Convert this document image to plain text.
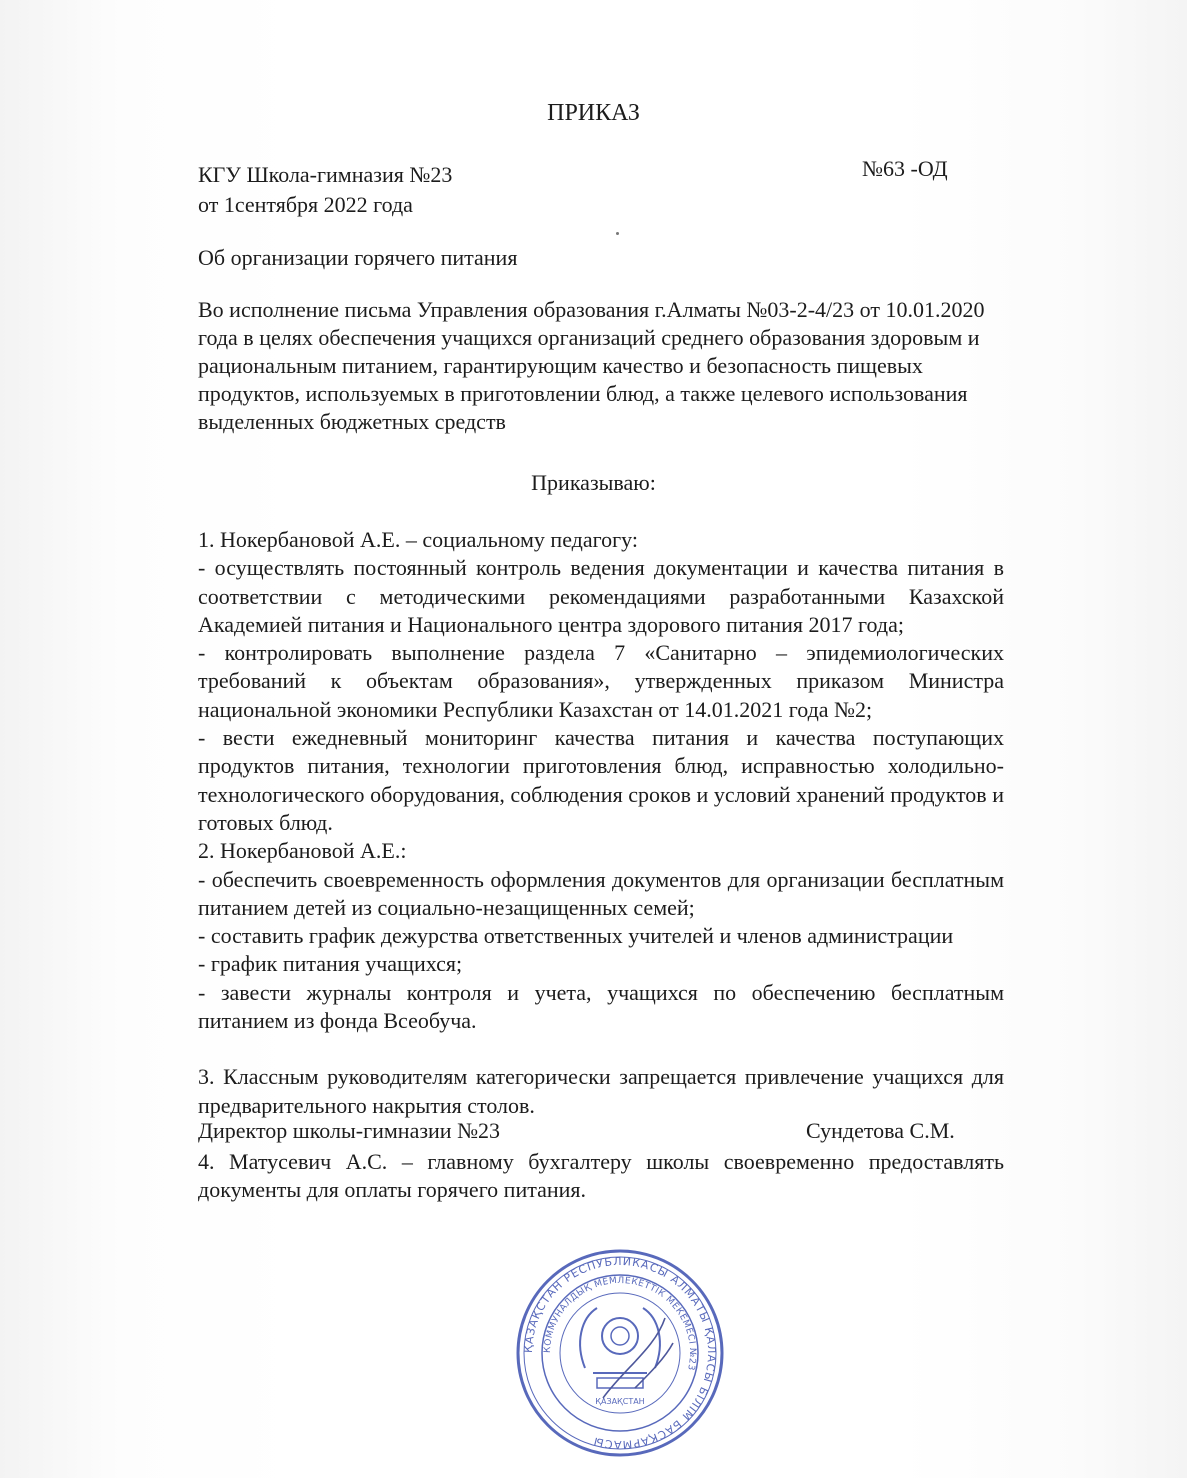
ПРИКАЗ
КГУ Школа-гимназия №23
от 1сентября 2022 года
№63 -ОД
Об организации горячего питания
Во исполнение письма Управления образования г.Алматы №03-2-4/23 от 10.01.2020 года в целях обеспечения учащихся организаций среднего образования здоровым и рациональным питанием, гарантирующим качество и безопасность пищевых продуктов, используемых в приготовлении блюд, а также целевого использования выделенных бюджетных средств
Приказываю:

1. Нокербановой А.Е. – социальному педагогу:

- осуществлять постоянный контроль ведения документации и качества питания в соответствии с методическими рекомендациями разработанными Казахской Академией питания и Национального центра здорового питания 2017 года;

- контролировать выполнение раздела 7 «Санитарно – эпидемиологических требований к объектам образования», утвержденных приказом Министра национальной экономики Республики Казахстан от 14.01.2021 года №2;

- вести ежедневный мониторинг качества питания и качества поступающих продуктов питания, технологии приготовления блюд, исправностью холодильно-технологического оборудования, соблюдения сроков и условий хранений продуктов и готовых блюд.

2. Нокербановой А.Е.:

- обеспечить своевременность оформления документов для организации бесплатным питанием детей из социально-незащищенных семей;

- составить график дежурства ответственных учителей и членов администрации

- график питания учащихся;

- завести журналы контроля и учета, учащихся по обеспечению бесплатным питанием из фонда Всеобуча.

3. Классным руководителям категорически запрещается привлечение учащихся для предварительного накрытия столов.

4. Матусевич А.С. – главному бухгалтеру школы своевременно предоставлять документы для оплаты горячего питания.

Директор школы-гимназии №23	Сундетова С.М.
ҚАЗАҚСТАН РЕСПУБЛИКАСЫ АЛМАТЫ ҚАЛАСЫ БІЛІМ БАСҚАРМАСЫ
КОММУНАЛДЫҚ МЕМЛЕКЕТТІК МЕКЕМЕСІ №23
ҚАЗАҚСТАН
